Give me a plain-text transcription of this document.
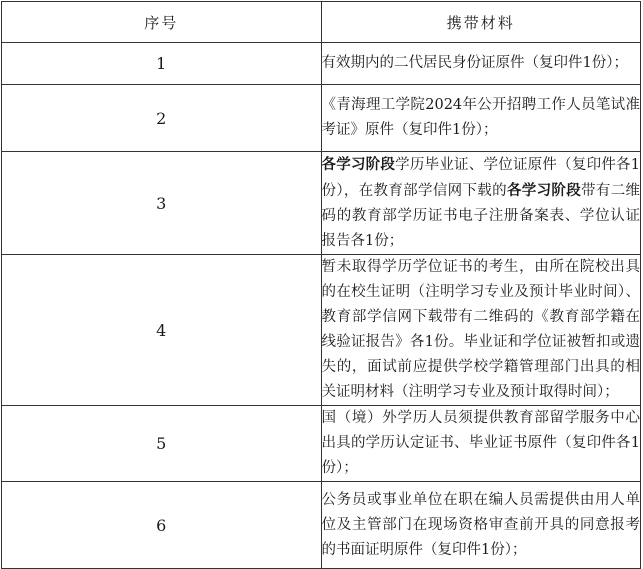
序号	携带材料
1	有效期内的二代居民身份证原件（复印件1份）；
2	《青海理工学院2024年公开招聘工作人员笔试准考证》原件（复印件1份）；
3	各学习阶段学历毕业证、学位证原件（复印件各1份），在教育部学信网下载的各学习阶段带有二维码的教育部学历证书电子注册备案表、学位认证报告各1份；
4	暂未取得学历学位证书的考生，由所在院校出具的在校生证明（注明学习专业及预计毕业时间）、教育部学信网下载带有二维码的《教育部学籍在线验证报告》各1份。毕业证和学位证被暂扣或遗失的，面试前应提供学校学籍管理部门出具的相关证明材料（注明学习专业及预计取得时间）；
5	国（境）外学历人员须提供教育部留学服务中心出具的学历认定证书、毕业证书原件（复印件各1份）；
6	公务员或事业单位在职在编人员需提供由用人单位及主管部门在现场资格审查前开具的同意报考的书面证明原件（复印件1份）；
